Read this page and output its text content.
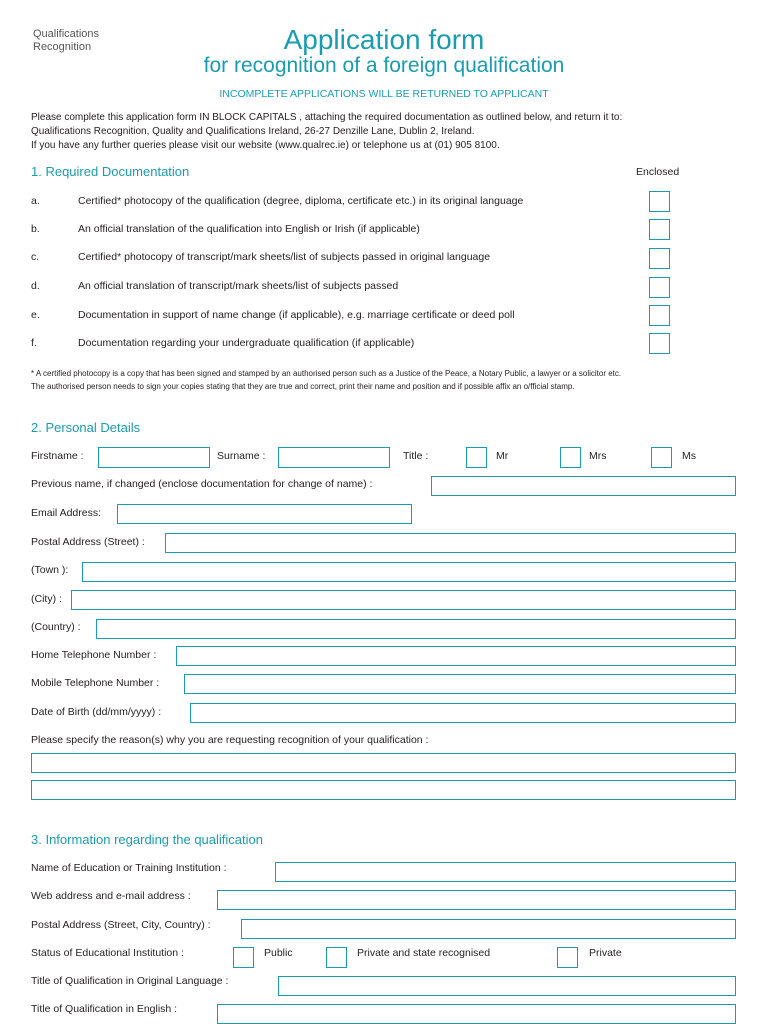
Qualifications
Recognition	Application form
for recognition of a foreign qualification
INCOMPLETE APPLICATIONS WILL BE RETURNED TO APPLICANT
Please complete this application form IN BLOCK CAPITALS , attaching the required documentation as outlined below, and return it to:
Qualifications Recognition, Quality and Qualifications Ireland, 26-27 Denzille Lane, Dublin 2, Ireland.
If you have any further queries please visit our website (www.qualrec.ie) or telephone us at (01) 905 8100.
1. Required Documentation	Enclosed
a.	Certified* photocopy of the qualification (degree, diploma, certificate etc.) in its original language
b.	An official translation of the qualification into English or Irish (if applicable)
c.	Certified* photocopy of transcript/mark sheets/list of subjects passed in original language
d.	An official translation of transcript/mark sheets/list of subjects passed
e.	Documentation in support of name change (if applicable), e.g. marriage certificate or deed poll
f.	Documentation regarding your undergraduate qualification (if applicable)
* A certified photocopy is a copy that has been signed and stamped by an authorised person such as a Justice of the Peace, a Notary Public, a lawyer or a solicitor etc.
The authorised person needs to sign your copies stating that they are true and correct, print their name and position and if possible affix an o/fficial stamp.
2. Personal Details
Firstname :	Surname :	Title :	Mr	Mrs	Ms
Previous name, if changed (enclose documentation for change of name) :
Email Address:
Postal Address (Street) :
(Town ):
(City) :
(Country) :
Home Telephone Number :
Mobile Telephone Number :
Date of Birth (dd/mm/yyyy) :
Please specify the reason(s) why you are requesting recognition of your qualification :
3. Information regarding the qualification
Name of Education or Training Institution :
Web address and e-mail address :
Postal Address (Street, City, Country) :
Status of Educational Institution :	Public	Private and state recognised	Private
Title of Qualification in Original Language :
Title of Qualification in English :
